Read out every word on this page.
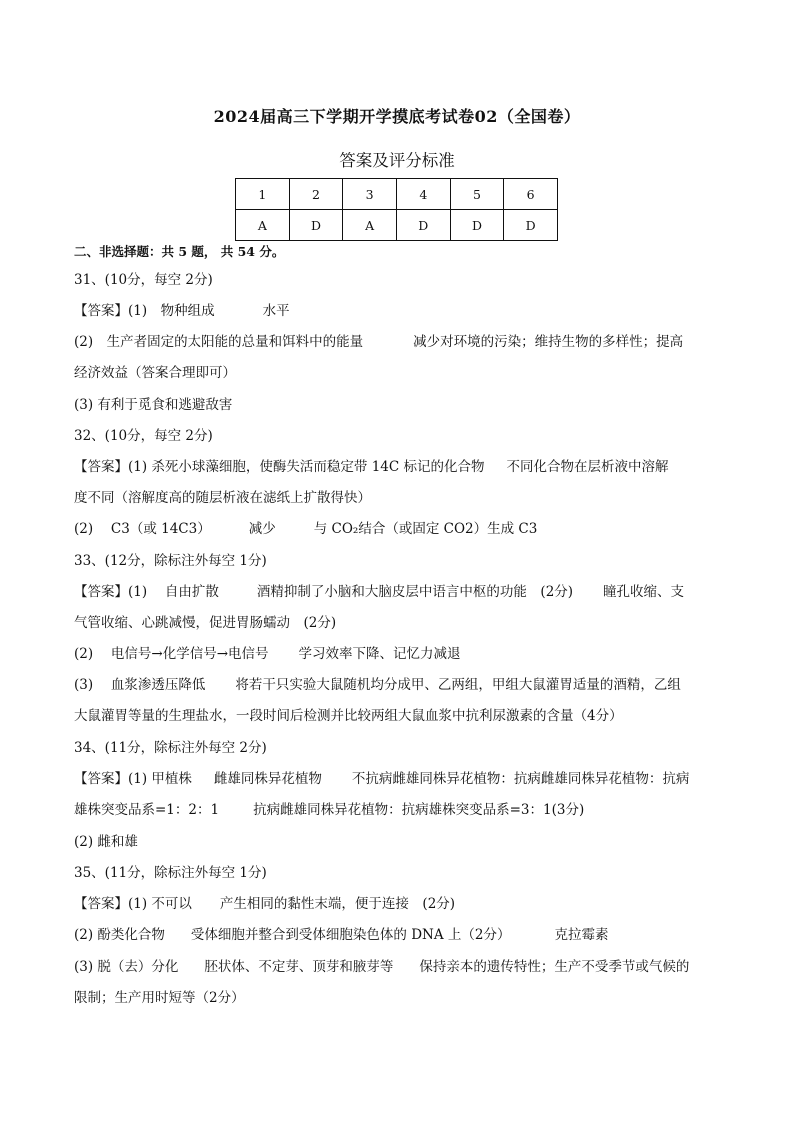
2024届高三下学期开学摸底考试卷02（全国卷）
答案及评分标准
1	2	3	4	5	6
A	D	A	D	D	D
二、非选择题：共 5 题， 共 54 分。
31、(10分，每空 2分)
【答案】(1)　物种组成	水平
(2)　生产者固定的太阳能的总量和饵料中的能量	减少对环境的污染；维持生物的多样性；提高
经济效益（答案合理即可）
(3) 有利于觅食和逃避敌害
32、(10分，每空 2分)
【答案】(1) 杀死小球藻细胞，使酶失活而稳定带 14C 标记的化合物 不同化合物在层析液中溶解
度不同（溶解度高的随层析液在滤纸上扩散得快）
(2)　 C3（或 14C3）	减少	与 CO₂结合（或固定 CO2）生成 C3
33、(12分，除标注外每空 1分)
【答案】(1)　 自由扩散	酒精抑制了小脑和大脑皮层中语言中枢的功能　(2分) 瞳孔收缩、支
气管收缩、心跳减慢，促进胃肠蠕动　(2分)
(2)　 电信号→化学信号→电信号 学习效率下降、记忆力减退
(3)　 血浆渗透压降低 将若干只实验大鼠随机均分成甲、乙两组，甲组大鼠灌胃适量的酒精，乙组
大鼠灌胃等量的生理盐水，一段时间后检测并比较两组大鼠血浆中抗利尿激素的含量（4分）
34、(11分，除标注外每空 2分)
【答案】(1) 甲植株 雌雄同株异花植物 不抗病雌雄同株异花植物：抗病雌雄同株异花植物：抗病
雄株突变品系=1：2：1	抗病雌雄同株异花植物：抗病雄株突变品系=3：1(3分)
(2) 雌和雄
35、(11分，除标注外每空 1分)
【答案】(1) 不可以 产生相同的黏性末端，便于连接　(2分)
(2) 酚类化合物 受体细胞并整合到受体细胞染色体的 DNA 上（2分）	克拉霉素
(3) 脱（去）分化 胚状体、不定芽、顶芽和腋芽等 保持亲本的遗传特性；生产不受季节或气候的
限制；生产用时短等（2分）
